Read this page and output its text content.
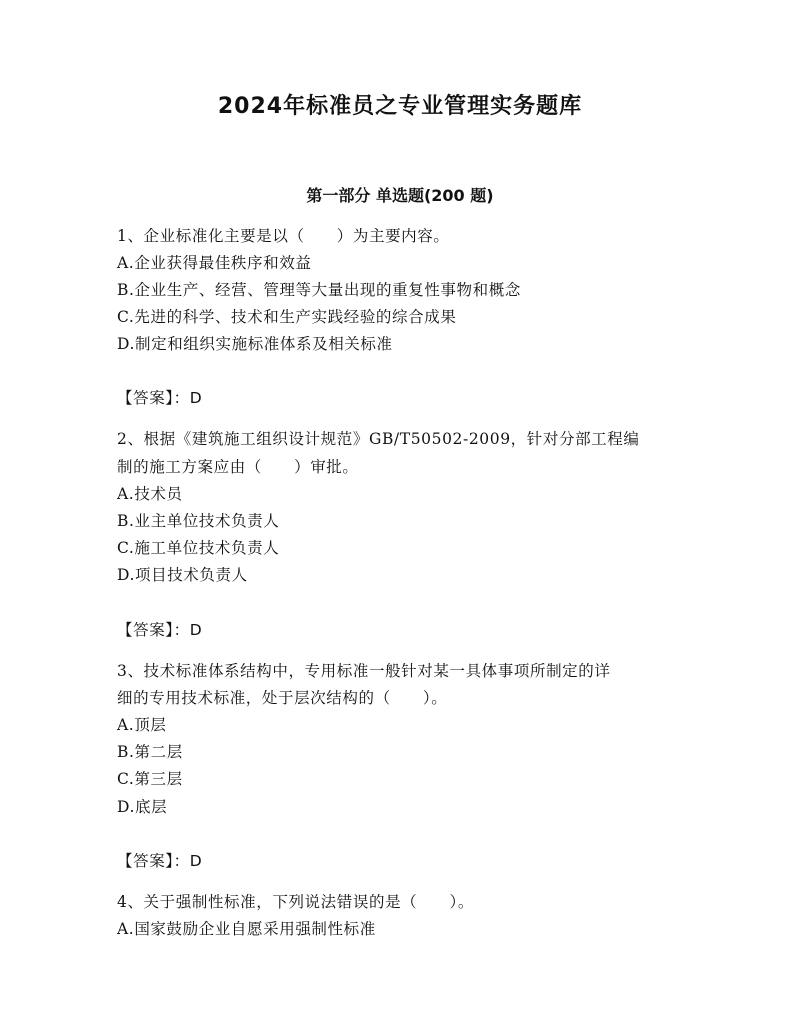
2024年标准员之专业管理实务题库
第一部分 单选题(200 题)
1、企业标准化主要是以（　　）为主要内容。
A.企业获得最佳秩序和效益
B.企业生产、经营、管理等大量出现的重复性事物和概念
C.先进的科学、技术和生产实践经验的综合成果
D.制定和组织实施标准体系及相关标准
【答案】：D
2、根据《建筑施工组织设计规范》GB/T50502-2009，针对分部工程编
制的施工方案应由（　　）审批。
A.技术员
B.业主单位技术负责人
C.施工单位技术负责人
D.项目技术负责人
【答案】：D
3、技术标准体系结构中，专用标准一般针对某一具体事项所制定的详
细的专用技术标准，处于层次结构的（　　）。
A.顶层
B.第二层
C.第三层
D.底层
【答案】：D
4、关于强制性标准，下列说法错误的是（　　）。
A.国家鼓励企业自愿采用强制性标准
